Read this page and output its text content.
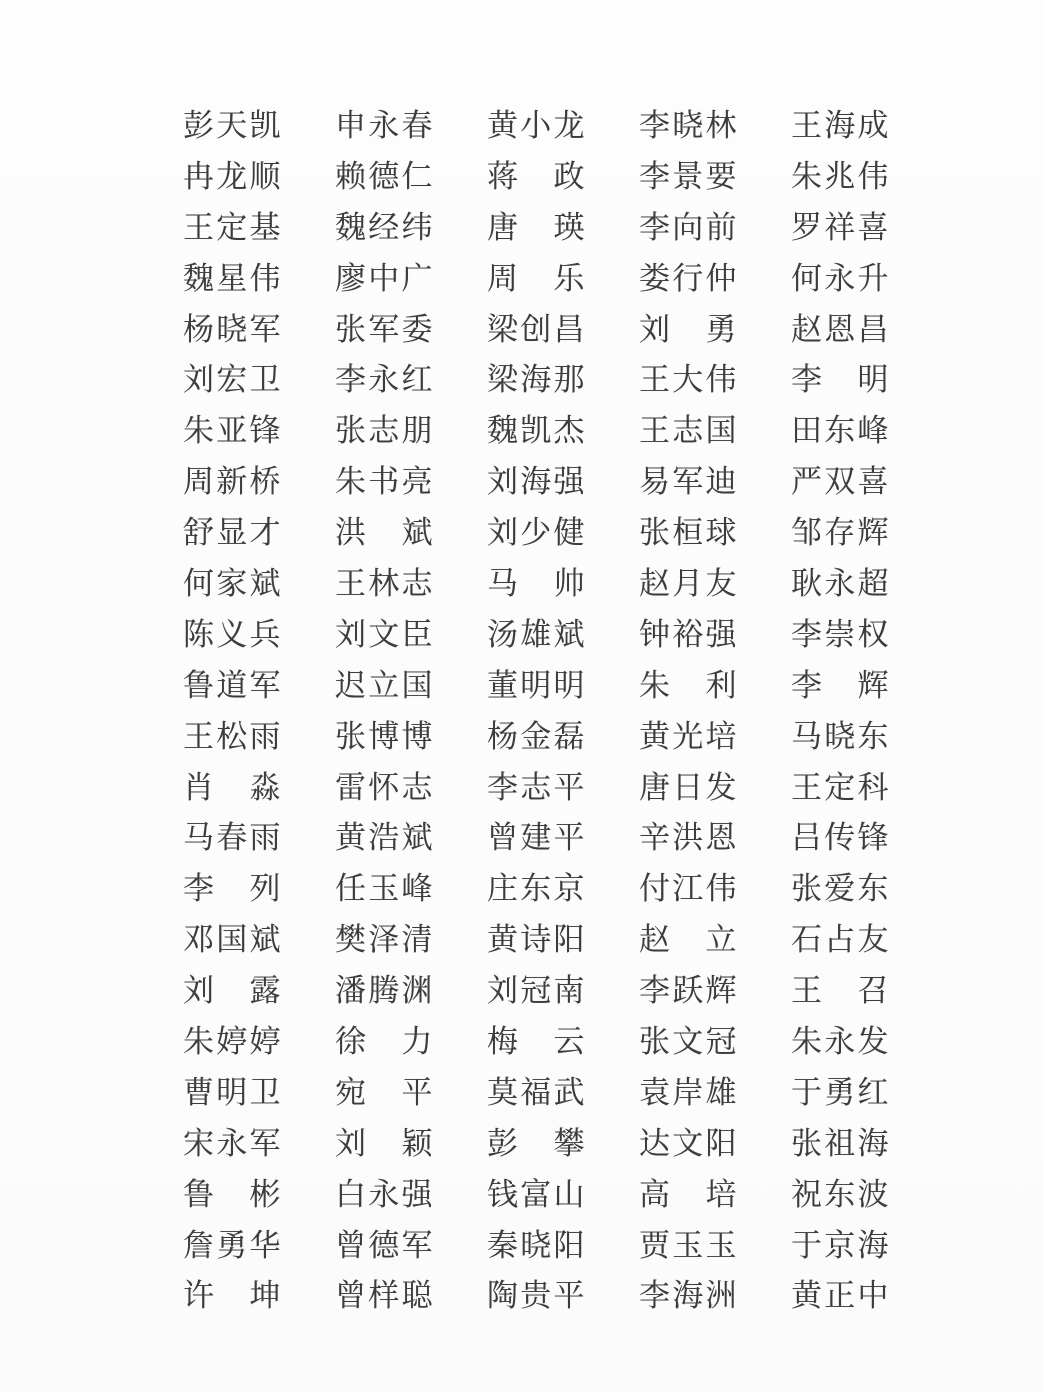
彭天凯 申永春 黄小龙 李晓林 王海成
冉龙顺 赖德仁 蒋政 李景要 朱兆伟
王定基 魏经纬 唐瑛 李向前 罗祥喜
魏星伟 廖中广 周乐 娄行仲 何永升
杨晓军 张军委 梁创昌 刘勇 赵恩昌
刘宏卫 李永红 梁海那 王大伟 李明
朱亚锋 张志朋 魏凯杰 王志国 田东峰
周新桥 朱书亮 刘海强 易军迪 严双喜
舒显才 洪斌 刘少健 张桓球 邹存辉
何家斌 王林志 马帅 赵月友 耿永超
陈义兵 刘文臣 汤雄斌 钟裕强 李崇权
鲁道军 迟立国 董明明 朱利 李辉
王松雨 张博博 杨金磊 黄光培 马晓东
肖淼 雷怀志 李志平 唐日发 王定科
马春雨 黄浩斌 曾建平 辛洪恩 吕传锋
李列 任玉峰 庄东京 付江伟 张爱东
邓国斌 樊泽清 黄诗阳 赵立 石占友
刘露 潘腾渊 刘冠南 李跃辉 王召
朱婷婷 徐力 梅云 张文冠 朱永发
曹明卫 宛平 莫福武 袁岸雄 于勇红
宋永军 刘颖 彭攀 达文阳 张祖海
鲁彬 白永强 钱富山 高培 祝东波
詹勇华 曾德军 秦晓阳 贾玉玉 于京海
许坤 曾样聪 陶贵平 李海洲 黄正中
